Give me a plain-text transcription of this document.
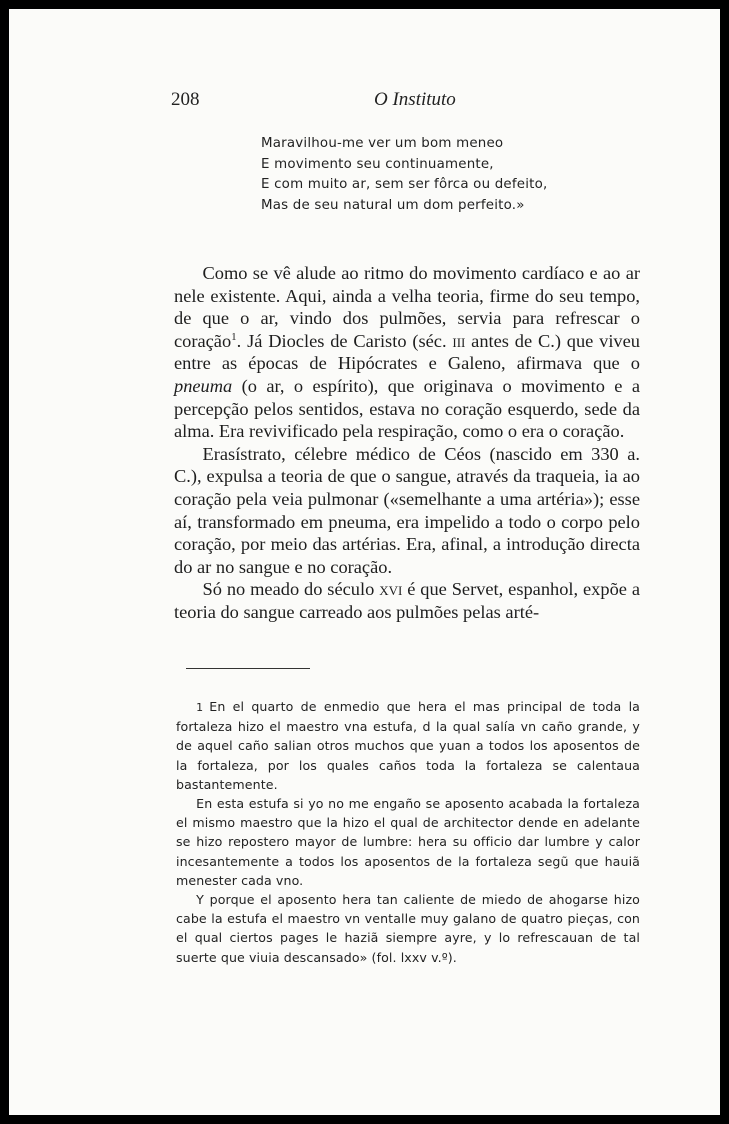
208	O Instituto
Maravilhou-me ver um bom meneo
E movimento seu continuamente,
E com muito ar, sem ser fôrca ou defeito,
Mas de seu natural um dom perfeito.»

Como se vê alude ao ritmo do movimento cardíaco e ao ar nele existente. Aqui, ainda a velha teoria, firme do seu tempo, de que o ar, vindo dos pulmões, servia para refrescar o coração$^1$. Já Diocles de Caristo (séc. iii antes de C.) que viveu entre as épocas de Hipócrates e Galeno, afirmava que o pneuma (o ar, o espírito), que originava o movimento e a percepção pelos sentidos, estava no coração esquerdo, sede da alma. Era revivificado pela respiração, como o era o coração.

Erasístrato, célebre médico de Céos (nascido em 330 a. C.), expulsa a teoria de que o sangue, através da traqueia, ia ao coração pela veia pulmonar («semelhante a uma artéria»); esse aí, transformado em pneuma, era impelido a todo o corpo pelo coração, por meio das artérias. Era, afinal, a introdução directa do ar no sangue e no coração.

Só no meado do século xvi é que Servet, espanhol, expõe a teoria do sangue carreado aos pulmões pelas arté-

1 En el quarto de enmedio que hera el mas principal de toda la fortaleza hizo el maestro vna estufa, d la qual salía vn caño grande, y de aquel caño salian otros muchos que yuan a todos los aposentos de la fortaleza, por los quales caños toda la fortaleza se calentaua bastantemente.

En esta estufa si yo no me engaño se aposento acabada la fortaleza el mismo maestro que la hizo el qual de architector dende en adelante se hizo repostero mayor de lumbre: hera su officio dar lumbre y calor incesantemente a todos los aposentos de la fortaleza segũ que hauiã menester cada vno.

Y porque el aposento hera tan caliente de miedo de ahogarse hizo cabe la estufa el maestro vn ventalle muy galano de quatro pieças, con el qual ciertos pages le haziã siempre ayre, y lo refrescauan de tal suerte que viuia descansado» (fol. lxxv v.º).
